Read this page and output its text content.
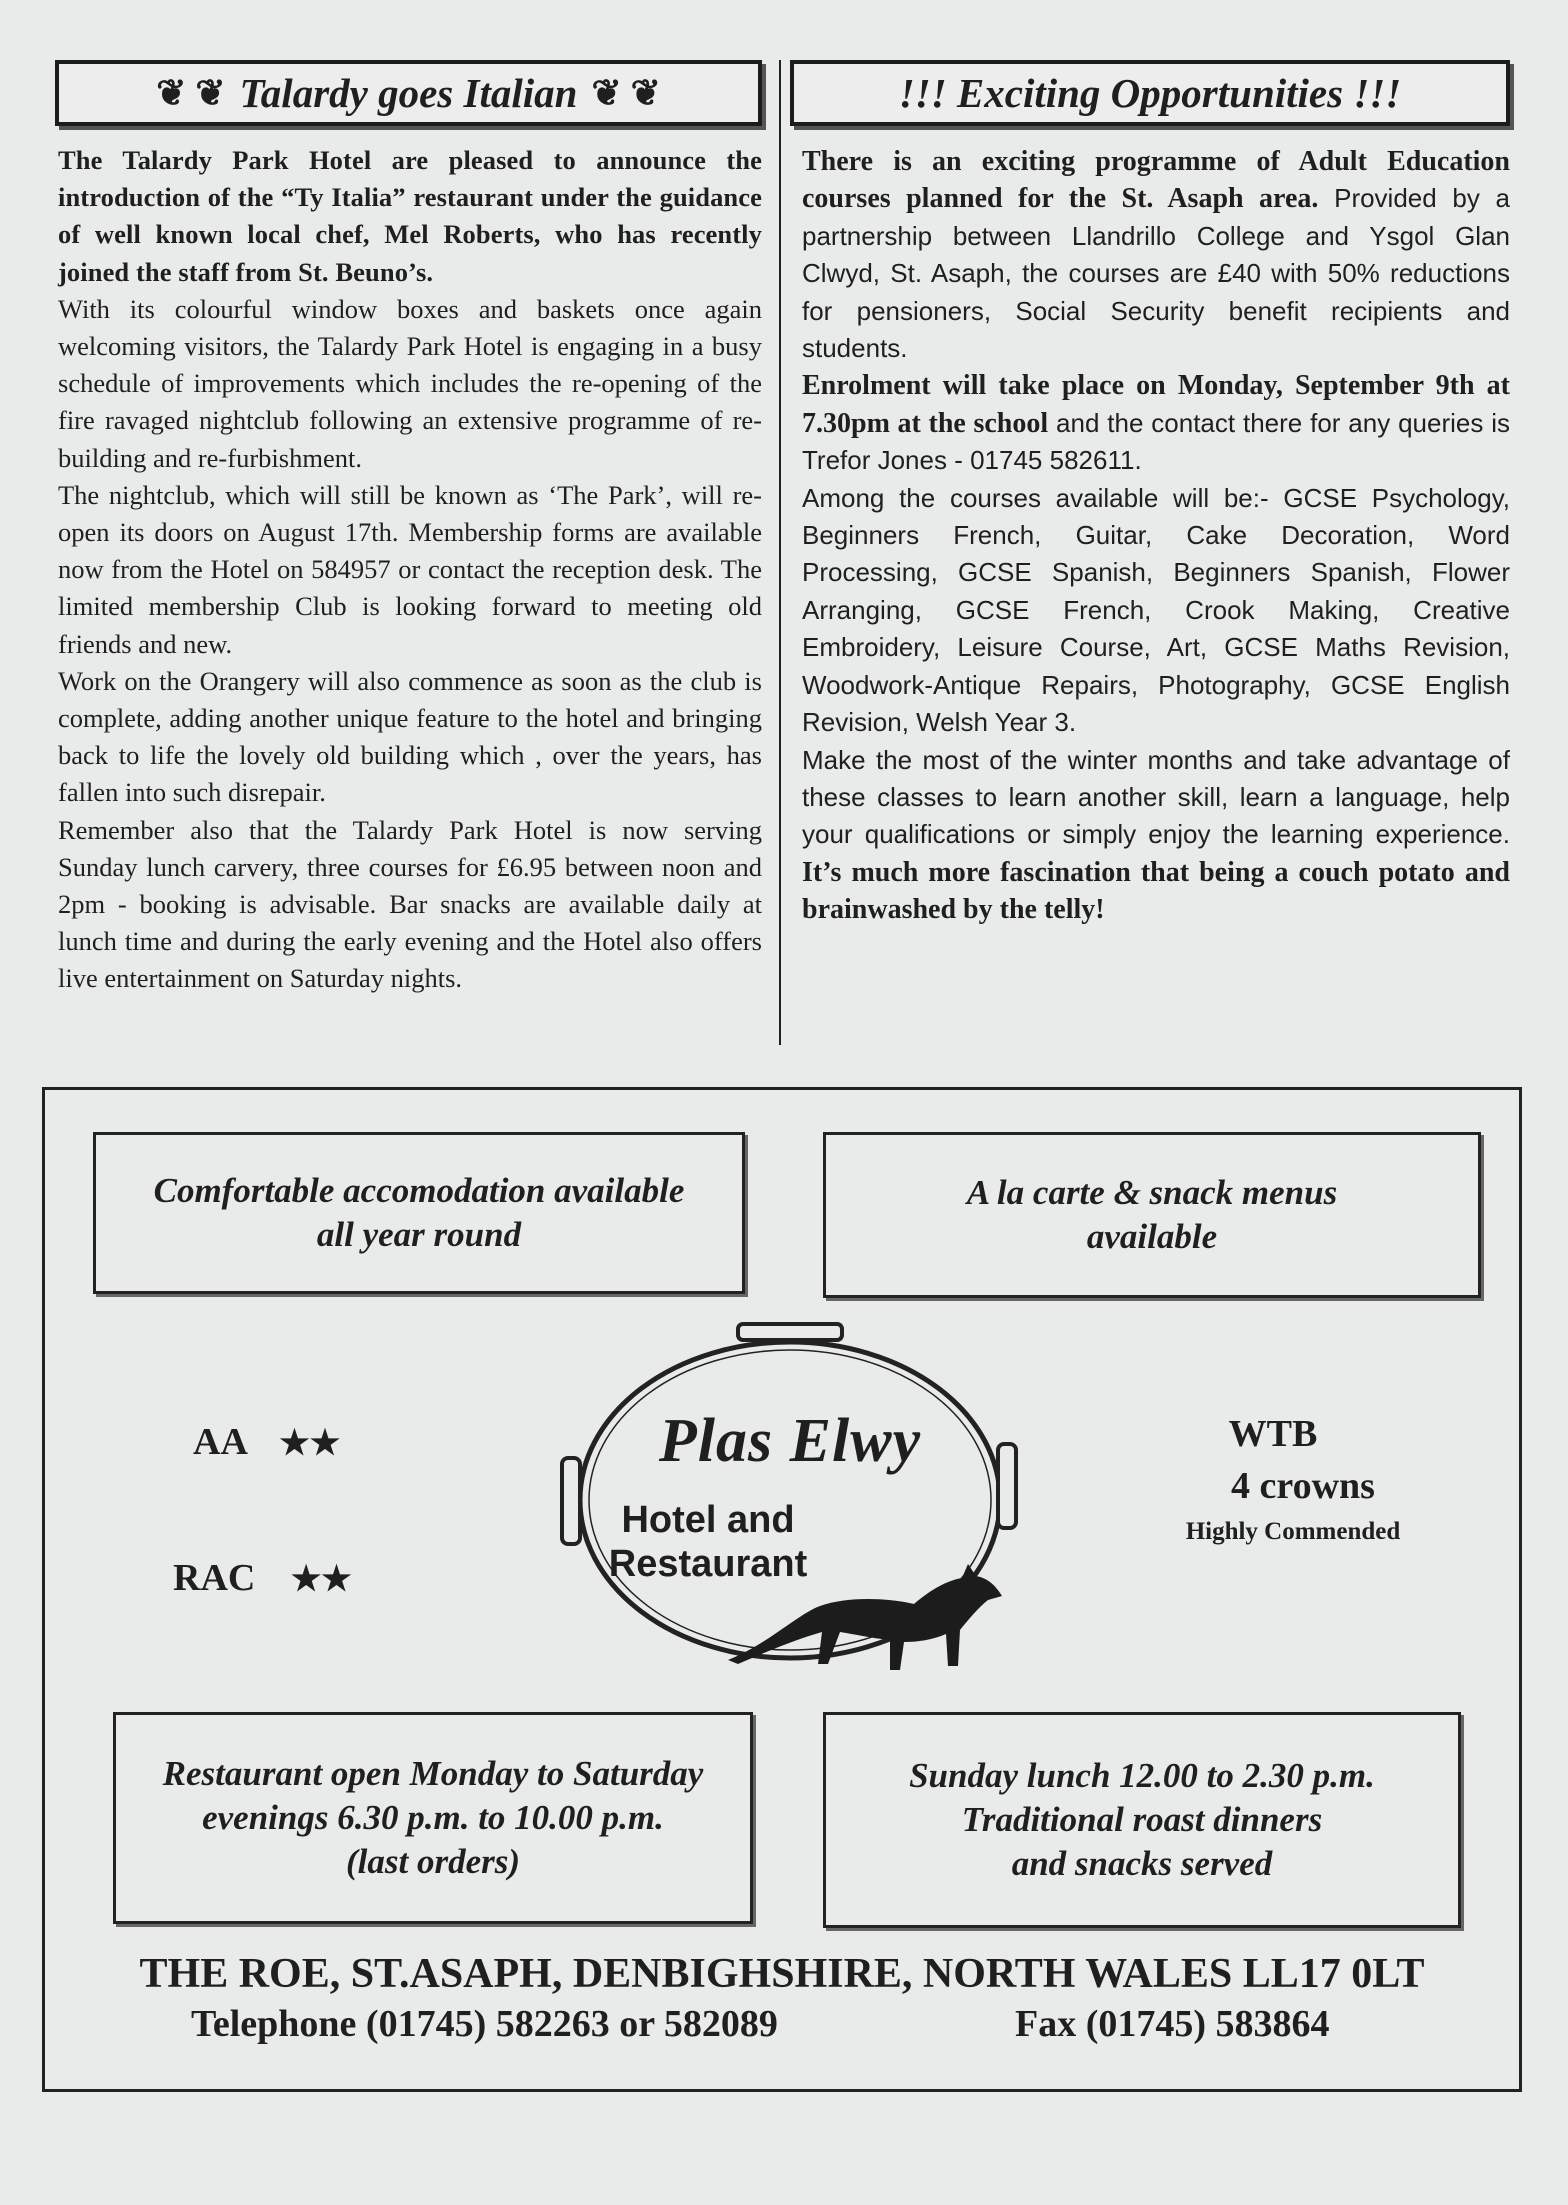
❦ ❦ Talardy goes Italian ❦ ❦

The Talardy Park Hotel are pleased to announce the introduction of the “Ty Italia” restaurant under the guidance of well known local chef, Mel Roberts, who has recently joined the staff from St. Beuno’s.
With its colourful window boxes and baskets once again welcoming visitors, the Talardy Park Hotel is engaging in a busy schedule of improvements which includes the re-opening of the fire ravaged nightclub following an extensive programme of re-building and re-furbishment.
The nightclub, which will still be known as ‘The Park’, will re-open its doors on August 17th. Membership forms are available now from the Hotel on 584957 or contact the reception desk. The limited membership Club is looking forward to meeting old friends and new.
Work on the Orangery will also commence as soon as the club is complete, adding another unique feature to the hotel and bringing back to life the lovely old building which , over the years, has fallen into such disrepair.
Remember also that the Talardy Park Hotel is now serving Sunday lunch carvery, three courses for £6.95 between noon and 2pm - booking is advisable. Bar snacks are available daily at lunch time and during the early evening and the Hotel also offers live entertainment on Saturday nights.

!!! Exciting Opportunities !!!

There is an exciting programme of Adult Education courses planned for the St. Asaph area. Provided by a partnership between Llandrillo College and Ysgol Glan Clwyd, St. Asaph, the courses are £40 with 50% reductions for pensioners, Social Security benefit recipients and students.
Enrolment will take place on Monday, September 9th at 7.30pm at the school and the contact there for any queries is Trefor Jones - 01745 582611.
Among the courses available will be:- GCSE Psychology, Beginners French, Guitar, Cake Decoration, Word Processing, GCSE Spanish, Beginners Spanish, Flower Arranging, GCSE French, Crook Making, Creative Embroidery, Leisure Course, Art, GCSE Maths Revision, Woodwork-Antique Repairs, Photography, GCSE English Revision, Welsh Year 3.
Make the most of the winter months and take advantage of these classes to learn another skill, learn a language, help your qualifications or simply enjoy the learning experience. It’s much more fascination that being a couch potato and brainwashed by the telly!

Comfortable accomodation available
all year round
A la carte & snack menus
available
AA ★★
RAC ★★
Plas Elwy
Hotel and
Restaurant
WTB
4 crowns
Highly Commended
Restaurant open Monday to Saturday
evenings 6.30 p.m. to 10.00 p.m.
(last orders)
Sunday lunch 12.00 to 2.30 p.m.
Traditional roast dinners
and snacks served
THE ROE, ST.ASAPH, DENBIGHSHIRE, NORTH WALES LL17 0LT
Telephone (01745) 582263 or 582089	Fax (01745) 583864
